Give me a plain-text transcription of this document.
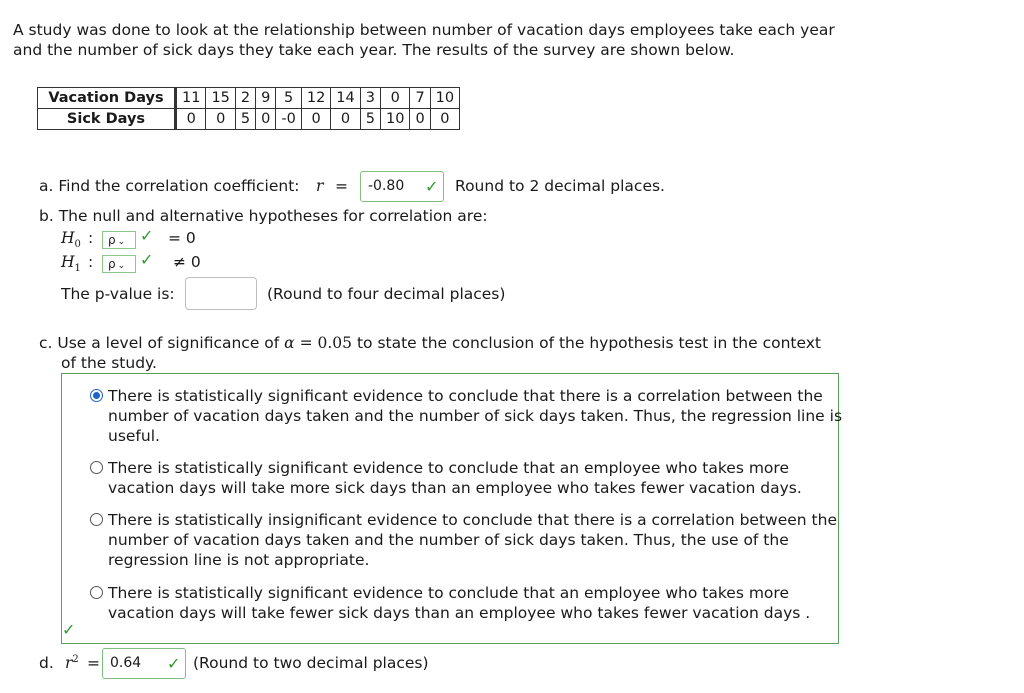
A study was done to look at the relationship between number of vacation days employees take each year
and the number of sick days they take each year. The results of the survey are shown below.
Vacation Days	11	15	2	9	5	12	14	3	0	7	10
Sick Days	0	0	5	0	-0	0	0	5	10	0	0
a. Find the correlation coefficient: r =	-0.80 ✓ Round to 2 decimal places.
b. The null and alternative hypotheses for correlation are:
$H_0$ :	ρ ⌄ ✓ = 0
$H_1$ :	ρ ⌄ ✓ ≠ 0
The p-value is:	(Round to four decimal places)
c. Use a level of significance of α = 0.05 to state the conclusion of the hypothesis test in the context
of the study.
There is statistically significant evidence to conclude that there is a correlation between the
number of vacation days taken and the number of sick days taken. Thus, the regression line is
useful.
There is statistically significant evidence to conclude that an employee who takes more
vacation days will take more sick days than an employee who takes fewer vacation days.
There is statistically insignificant evidence to conclude that there is a correlation between the
number of vacation days taken and the number of sick days taken. Thus, the use of the
regression line is not appropriate.
There is statistically significant evidence to conclude that an employee who takes more
vacation days will take fewer sick days than an employee who takes fewer vacation days .
✓
d. $r^2 = 0.64$ ✓ (Round to two decimal places)
